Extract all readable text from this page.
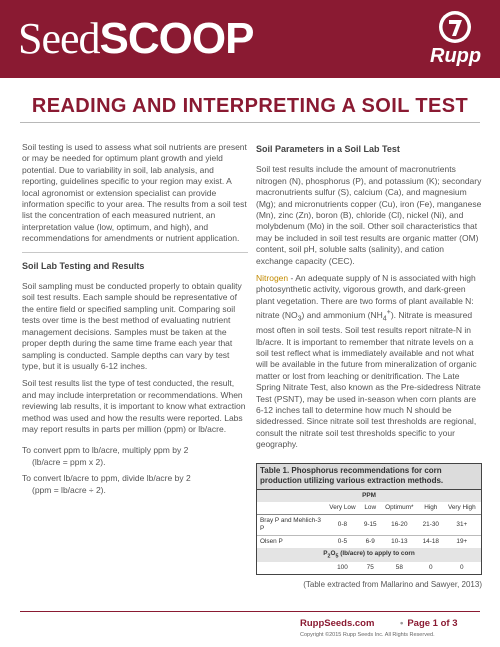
SeedSCOOP	Rupp
READING AND INTERPRETING A SOIL TEST

Soil testing is used to assess what soil nutrients are present or may be needed for optimum plant growth and yield potential. Due to variability in soil, lab analysis, and reporting, guidelines specific to your region may exist. A local agronomist or extension specialist can provide information specific to your area. The results from a soil test list the concentration of each measured nutrient, an interpretation value (low, optimum, and high), and recommendations for amendments or nutrient application.

Soil Lab Testing and Results

Soil sampling must be conducted properly to obtain quality soil test results. Each sample should be representative of the entire field or specified sampling unit. Comparing soil tests over time is the best method of evaluating nutrient management decisions. Samples must be taken at the proper depth during the same time frame each year that sampling is conducted. Sample depths can vary by test type, but it is usually 6-12 inches.

Soil test results list the type of test conducted, the result, and may include interpretation or recommendations. When reviewing lab results, it is important to know what extraction method was used and how the results were reported. Labs may report results in parts per million (ppm) or lb/acre.

To convert ppm to lb/acre, multiply ppm by 2
(lb/acre = ppm x 2).
To convert lb/acre to ppm, divide lb/acre by 2
(ppm = lb/acre ÷ 2).
Soil Parameters in a Soil Lab Test

Soil test results include the amount of macronutrients nitrogen (N), phosphorus (P), and potassium (K); secondary macronutrients sulfur (S), calcium (Ca), and magnesium (Mg); and micronutrients copper (Cu), iron (Fe), manganese (Mn), zinc (Zn), boron (B), chloride (Cl), nickel (Ni), and molybdenum (Mo) in the soil. Other soil characteristics that may be included in soil test results are organic matter (OM) content, soil pH, soluble salts (salinity), and cation exchange capacity (CEC).

Nitrogen - An adequate supply of N is associated with high photosynthetic activity, vigorous growth, and dark-green plant vegetation. There are two forms of plant available N: nitrate $(NO_3)$ and ammonium $(NH_4^+)$. Nitrate is measured most often in soil tests. Soil test results report nitrate-N in lb/acre. It is important to remember that nitrate levels on a soil test reflect what is immediately available and not what will be available in the future from mineralization of organic matter or lost from leaching or denitrification. The Late Spring Nitrate Test, also known as the Pre-sidedress Nitrate Test (PSNT), may be used in-season when corn plants are 6-12 inches tall to determine how much N should be sidedressed. Since nitrate soil test thresholds are regional, consult the nitrate soil test thresholds specific to your geography.

Table 1. Phosphorus recommendations for corn production utilizing various extraction methods.
PPM					
	Very Low	Low	Optimum*	High	Very High
Bray P and Mehlich-3 P	0-8	9-15	16-20	21-30	31+
Olsen P	0-5	6-9	10-13	14-18	19+
$P_2O_5$ (lb/acre) to apply to corn					
	100	75	58	0	0
(Table extracted from Mallarino and Sawyer, 2013)
RuppSeeds.com	• Page 1 of 3
Copyright ©2015 Rupp Seeds Inc. All Rights Reserved.
